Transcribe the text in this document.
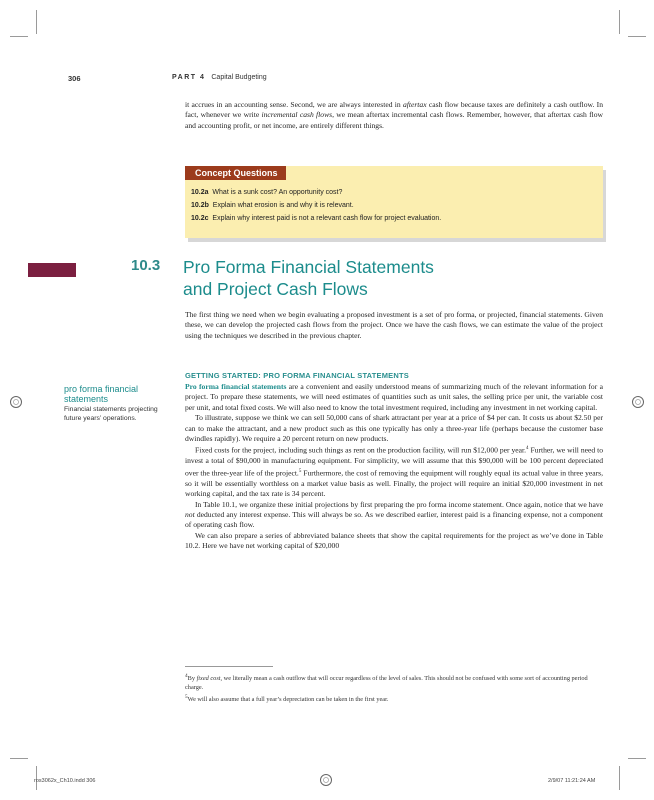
306	PART 4 Capital Budgeting

it accrues in an accounting sense. Second, we are always interested in aftertax cash flow because taxes are definitely a cash outflow. In fact, whenever we write incremental cash flows, we mean aftertax incremental cash flows. Remember, however, that aftertax cash flow and accounting profit, or net income, are entirely different things.

Concept Questions
10.2a What is a sunk cost? An opportunity cost?
10.2b Explain what erosion is and why it is relevant.
10.2c Explain why interest paid is not a relevant cash flow for project evaluation.
10.3 Pro Forma Financial Statements
and Project Cash Flows

The first thing we need when we begin evaluating a proposed investment is a set of pro forma, or projected, financial statements. Given these, we can develop the projected cash flows from the project. Once we have the cash flows, we can estimate the value of the project using the techniques we described in the previous chapter.

GETTING STARTED: PRO FORMA FINANCIAL STATEMENTS
pro forma financial
statements
Financial statements projecting future years’ operations.

Pro forma financial statements are a convenient and easily understood means of summarizing much of the relevant information for a project. To prepare these statements, we will need estimates of quantities such as unit sales, the selling price per unit, the variable cost per unit, and total fixed costs. We will also need to know the total investment required, including any investment in net working capital.

To illustrate, suppose we think we can sell 50,000 cans of shark attractant per year at a price of $4 per can. It costs us about $2.50 per can to make the attractant, and a new product such as this one typically has only a three-year life (perhaps because the customer base dwindles rapidly). We require a 20 percent return on new products.

Fixed costs for the project, including such things as rent on the production facility, will run $12,000 per year.$^4$ Further, we will need to invest a total of $90,000 in manufacturing equipment. For simplicity, we will assume that this $90,000 will be 100 percent depreciated over the three-year life of the project.$^5$ Furthermore, the cost of removing the equipment will roughly equal its actual value in three years, so it will be essentially worthless on a market value basis as well. Finally, the project will require an initial $20,000 investment in net working capital, and the tax rate is 34 percent.

In Table 10.1, we organize these initial projections by first preparing the pro forma income statement. Once again, notice that we have not deducted any interest expense. This will always be so. As we described earlier, interest paid is a financing expense, not a component of operating cash flow.

We can also prepare a series of abbreviated balance sheets that show the capital requirements for the project as we’ve done in Table 10.2. Here we have net working capital of $20,000

$^4$By fixed cost, we literally mean a cash outflow that will occur regardless of the level of sales. This should not be confused with some sort of accounting period charge.
$^5$We will also assume that a full year’s depreciation can be taken in the first year.
ros3062x_Ch10.indd 306	2/9/07 11:21:24 AM
